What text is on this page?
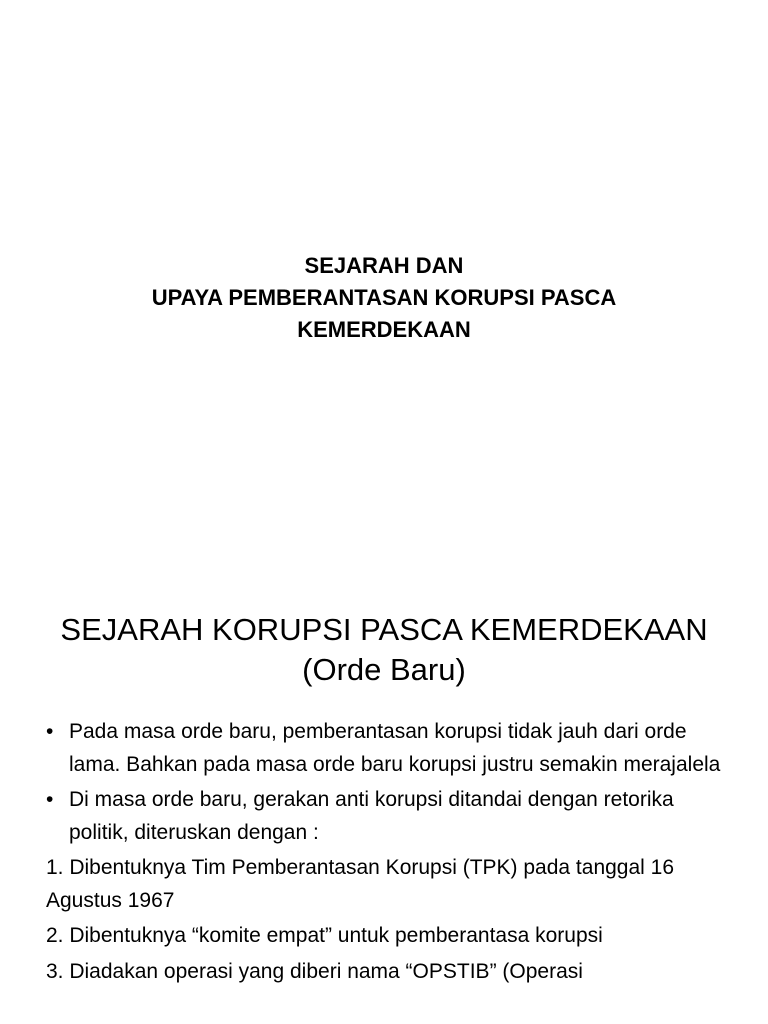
SEJARAH DAN
UPAYA PEMBERANTASAN KORUPSI PASCA
KEMERDEKAAN
SEJARAH KORUPSI PASCA KEMERDEKAAN
(Orde Baru)
• Pada masa orde baru, pemberantasan korupsi tidak jauh dari orde lama. Bahkan pada masa orde baru korupsi justru semakin merajalela
• Di masa orde baru, gerakan anti korupsi ditandai dengan retorika politik, diteruskan dengan :
1. Dibentuknya Tim Pemberantasan Korupsi (TPK) pada tanggal 16 Agustus 1967
2. Dibentuknya “komite empat” untuk pemberantasa korupsi
3. Diadakan operasi yang diberi nama “OPSTIB” (Operasi
